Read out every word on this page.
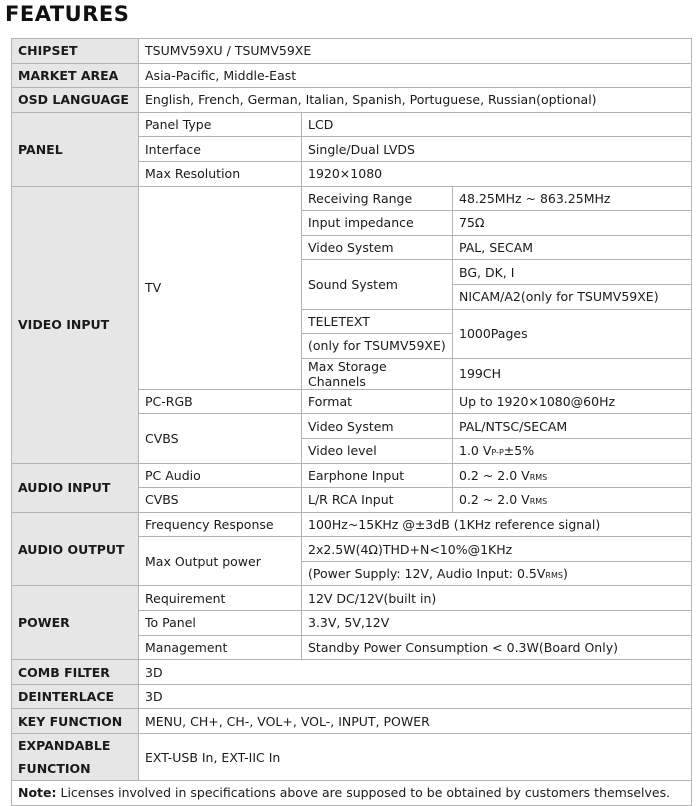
FEATURES
CHIPSET	TSUMV59XU / TSUMV59XE		
MARKET AREA	Asia-Pacific, Middle-East		
OSD LANGUAGE	English, French, German, Italian, Spanish, Portuguese, Russian(optional)		
PANEL	Panel Type	LCD	
	Interface	Single/Dual LVDS	
	Max Resolution	1920×1080	
VIDEO INPUT	TV	Receiving Range	48.25MHz ~ 863.25MHz
		Input impedance	75Ω
		Video System	PAL, SECAM
		Sound System	BG, DK, I
			NICAM/A2(only for TSUMV59XE)
		TELETEXT	1000Pages
		(only for TSUMV59XE)	
		Max Storage Channels	199CH
	PC-RGB	Format	Up to 1920×1080@60Hz
	CVBS	Video System	PAL/NTSC/SECAM
		Video level	1.0 VP-P±5%
AUDIO INPUT	PC Audio	Earphone Input	0.2 ~ 2.0 VRMS
	CVBS	L/R RCA Input	0.2 ~ 2.0 VRMS
AUDIO OUTPUT	Frequency Response	100Hz~15KHz @±3dB (1KHz reference signal)	
	Max Output power	2x2.5W(4Ω)THD+N<10%@1KHz	
		(Power Supply: 12V, Audio Input: 0.5VRMS)	
POWER	Requirement	12V DC/12V(built in)	
	To Panel	3.3V, 5V,12V	
	Management	Standby Power Consumption < 0.3W(Board Only)	
COMB FILTER	3D		
DEINTERLACE	3D		
KEY FUNCTION	MENU, CH+, CH-, VOL+, VOL-, INPUT, POWER		

EXPANDABLE
FUNCTION	EXT-USB In, EXT-IIC In		
Note: Licenses involved in specifications above are supposed to be obtained by customers themselves.			
